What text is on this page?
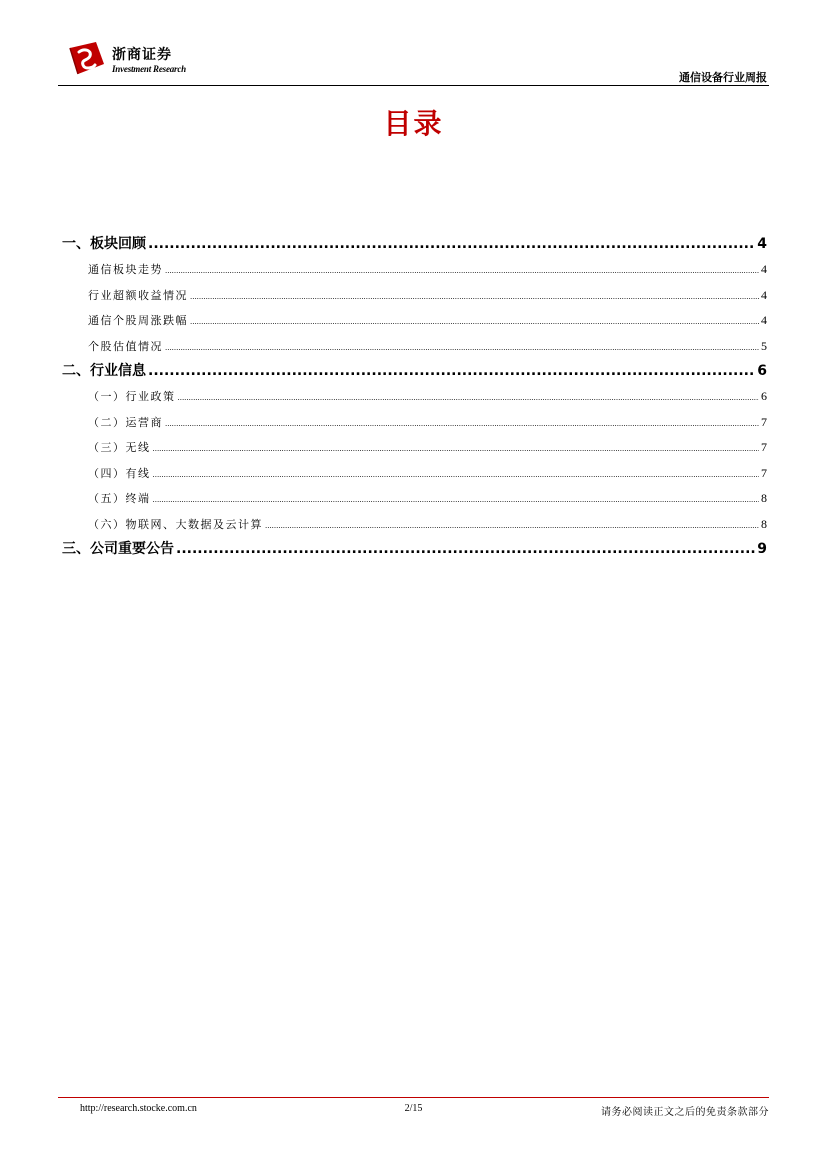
浙商证券
Investment Research
通信设备行业周报
目录
一、板块回顾 .....	4
通信板块走势 .....	4
行业超额收益情况 .....	4
通信个股周涨跌幅 .....	4
个股估值情况 .....	5
二、行业信息 .....	6
（一）行业政策 .....	6
（二）运营商 .....	7
（三）无线 .....	7
（四）有线 .....	7
（五）终端 .....	8
（六）物联网、大数据及云计算 .....	8
三、公司重要公告 .....	9
http://research.stocke.com.cn	2/15	请务必阅读正文之后的免责条款部分
